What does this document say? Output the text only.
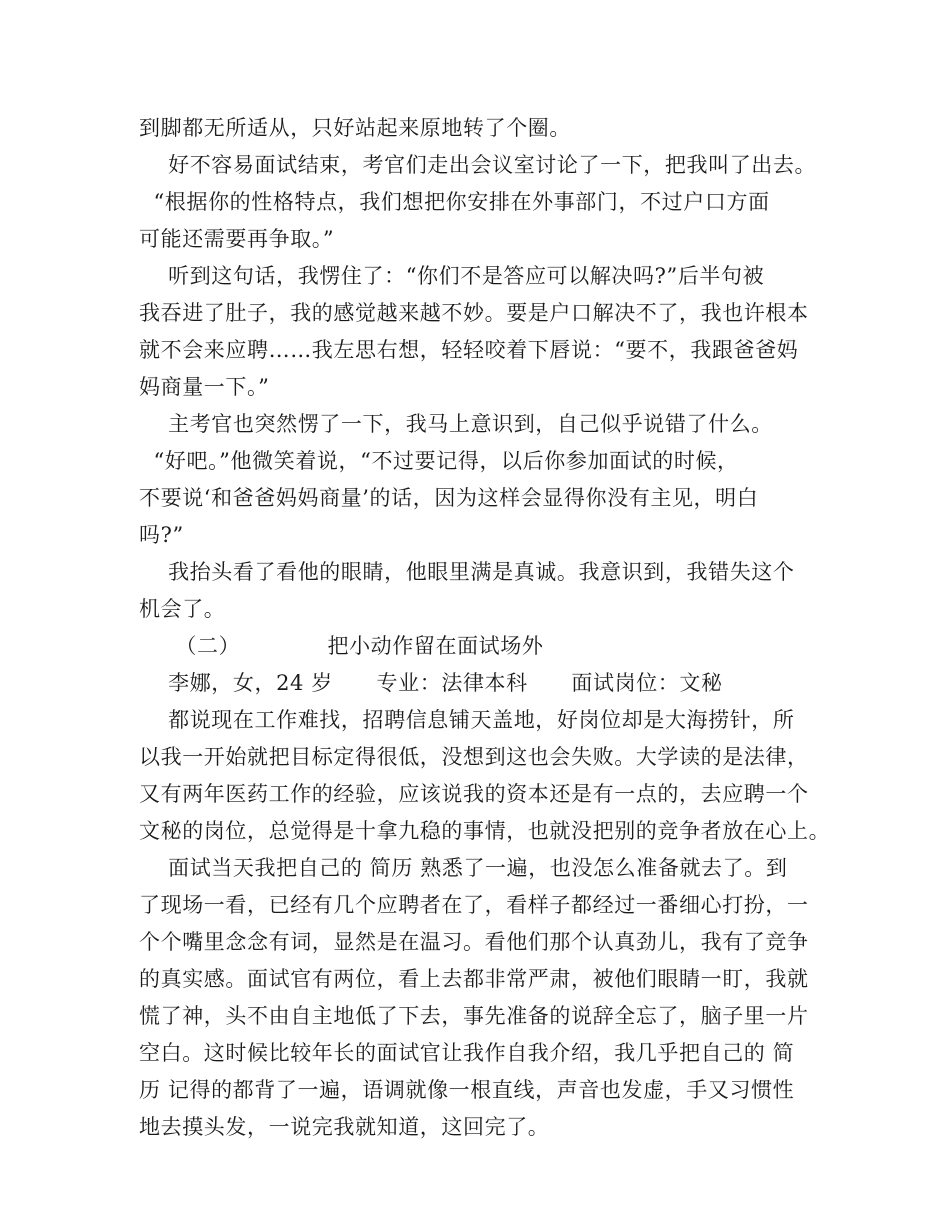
到脚都无所适从，只好站起来原地转了个圈。
好不容易面试结束，考官们走出会议室讨论了一下，把我叫了出去。
“根据你的性格特点，我们想把你安排在外事部门，不过户口方面
可能还需要再争取。”
听到这句话，我愣住了：“你们不是答应可以解决吗?”后半句被
我吞进了肚子，我的感觉越来越不妙。要是户口解决不了，我也许根本
就不会来应聘……我左思右想，轻轻咬着下唇说：“要不，我跟爸爸妈
妈商量一下。”
主考官也突然愣了一下，我马上意识到，自己似乎说错了什么。
“好吧。”他微笑着说，“不过要记得，以后你参加面试的时候，
不要说‘和爸爸妈妈商量’的话，因为这样会显得你没有主见，明白
吗?”
我抬头看了看他的眼睛，他眼里满是真诚。我意识到，我错失这个
机会了。
（二）            把小动作留在面试场外
李娜，女，24 岁      专业：法律本科      面试岗位：文秘
都说现在工作难找，招聘信息铺天盖地，好岗位却是大海捞针，所
以我一开始就把目标定得很低，没想到这也会失败。大学读的是法律，
又有两年医药工作的经验，应该说我的资本还是有一点的，去应聘一个
文秘的岗位，总觉得是十拿九稳的事情，也就没把别的竞争者放在心上。
面试当天我把自己的 简历 熟悉了一遍，也没怎么准备就去了。到
了现场一看，已经有几个应聘者在了，看样子都经过一番细心打扮，一
个个嘴里念念有词，显然是在温习。看他们那个认真劲儿，我有了竞争
的真实感。面试官有两位，看上去都非常严肃，被他们眼睛一盯，我就
慌了神，头不由自主地低了下去，事先准备的说辞全忘了，脑子里一片
空白。这时候比较年长的面试官让我作自我介绍，我几乎把自己的 简
历 记得的都背了一遍，语调就像一根直线，声音也发虚，手又习惯性
地去摸头发，一说完我就知道，这回完了。
